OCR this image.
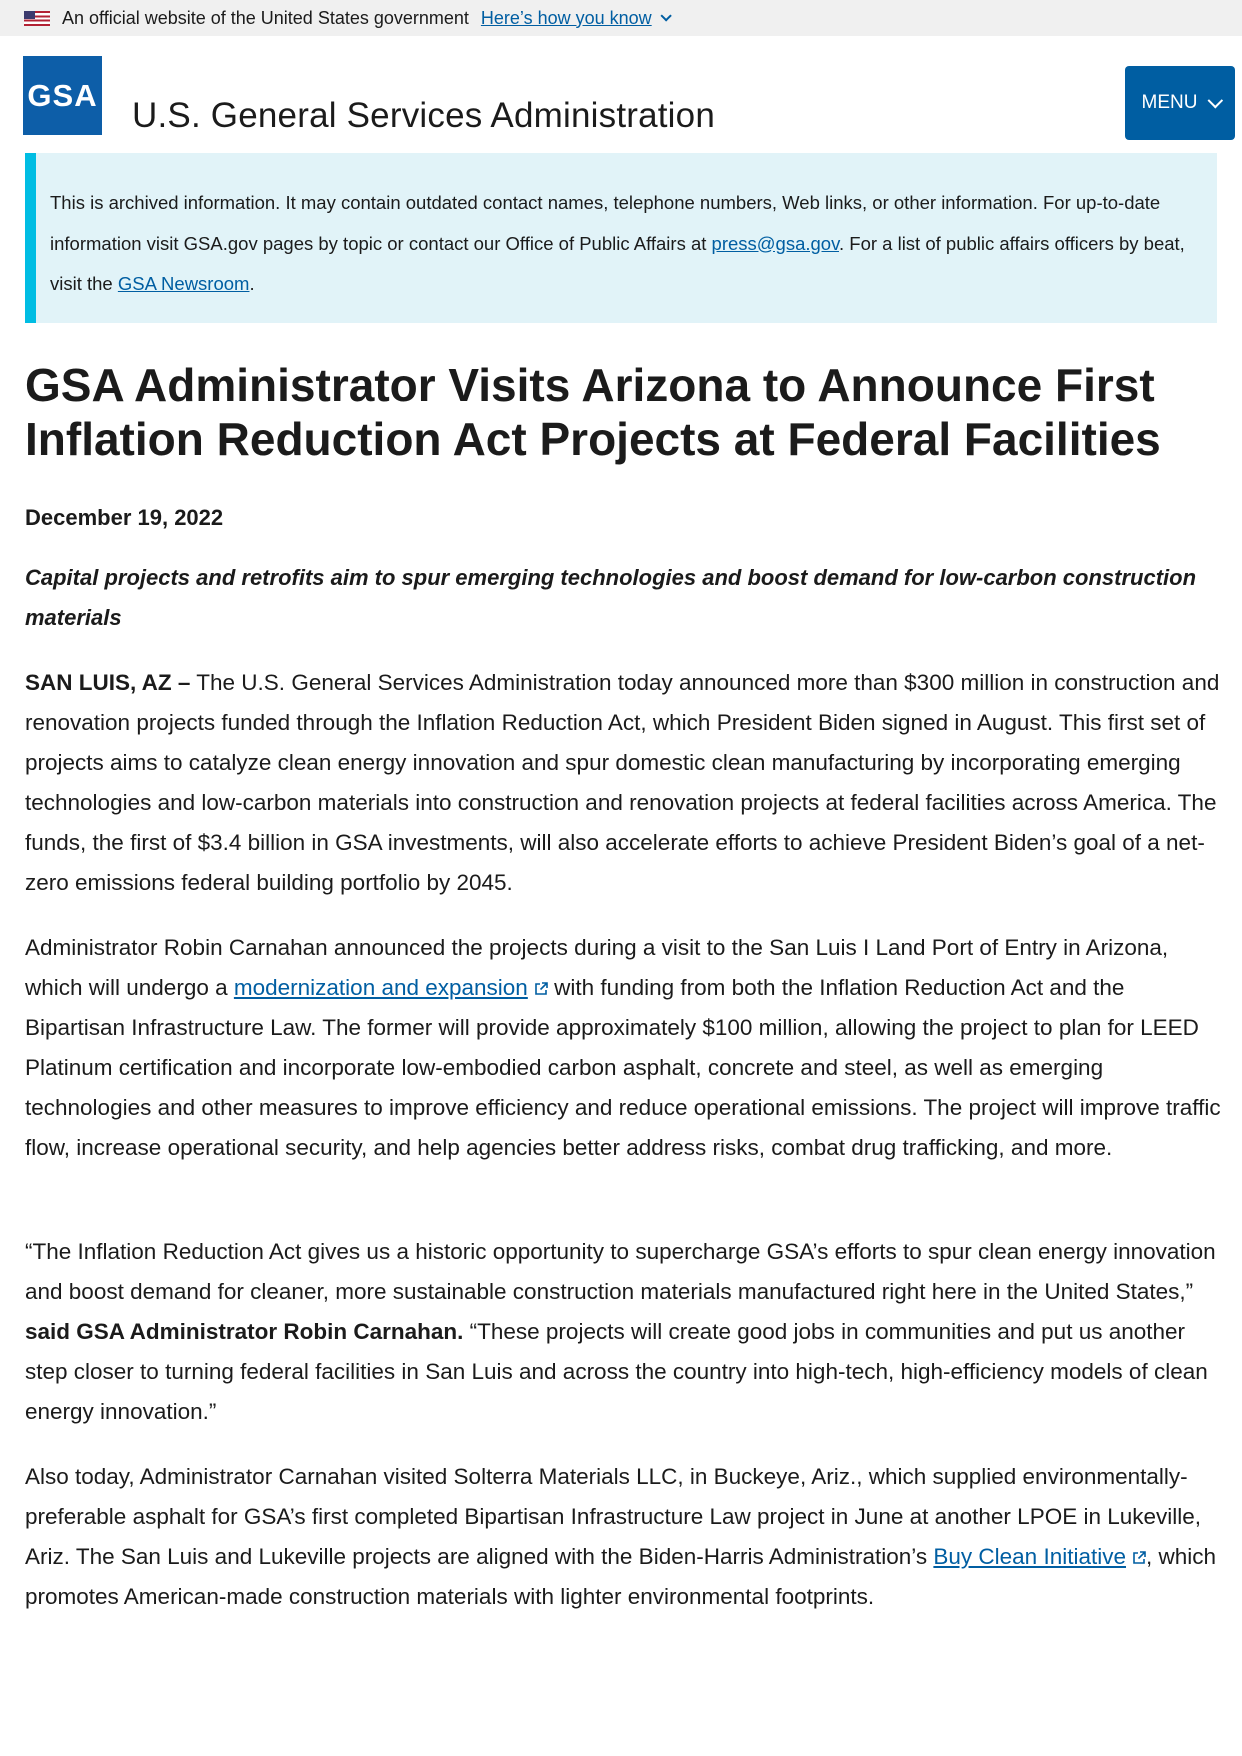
An official website of the United States government Here’s how you know
GSA
U.S. General Services Administration	MENU
This is archived information. It may contain outdated contact names, telephone numbers, Web links, or other information. For up-to-date information visit GSA.gov pages by topic or contact our Office of Public Affairs at press@gsa.gov. For a list of public affairs officers by beat, visit the GSA Newsroom.
GSA Administrator Visits Arizona to Announce First Inflation Reduction Act Projects at Federal Facilities
December 19, 2022
Capital projects and retrofits aim to spur emerging technologies and boost demand for low-carbon construction materials

SAN LUIS, AZ – The U.S. General Services Administration today announced more than $300 million in construction and renovation projects funded through the Inflation Reduction Act, which President Biden signed in August. This first set of projects aims to catalyze clean energy innovation and spur domestic clean manufacturing by incorporating emerging technologies and low-carbon materials into construction and renovation projects at federal facilities across America. The funds, the first of $3.4 billion in GSA investments, will also accelerate efforts to achieve President Biden’s goal of a net-zero emissions federal building portfolio by 2045.

Administrator Robin Carnahan announced the projects during a visit to the San Luis I Land Port of Entry in Arizona, which will undergo a modernization and expansion with funding from both the Inflation Reduction Act and the Bipartisan Infrastructure Law. The former will provide approximately $100 million, allowing the project to plan for LEED Platinum certification and incorporate low-embodied carbon asphalt, concrete and steel, as well as emerging technologies and other measures to improve efficiency and reduce operational emissions. The project will improve traffic flow, increase operational security, and help agencies better address risks, combat drug trafficking, and more.

“The Inflation Reduction Act gives us a historic opportunity to supercharge GSA’s efforts to spur clean energy innovation and boost demand for cleaner, more sustainable construction materials manufactured right here in the United States,” said GSA Administrator Robin Carnahan. “These projects will create good jobs in communities and put us another step closer to turning federal facilities in San Luis and across the country into high-tech, high-efficiency models of clean energy innovation.”

Also today, Administrator Carnahan visited Solterra Materials LLC, in Buckeye, Ariz., which supplied environmentally-preferable asphalt for GSA’s first completed Bipartisan Infrastructure Law project in June at another LPOE in Lukeville, Ariz. The San Luis and Lukeville projects are aligned with the Biden-Harris Administration’s Buy Clean Initiative , which promotes American-made construction materials with lighter environmental footprints.
